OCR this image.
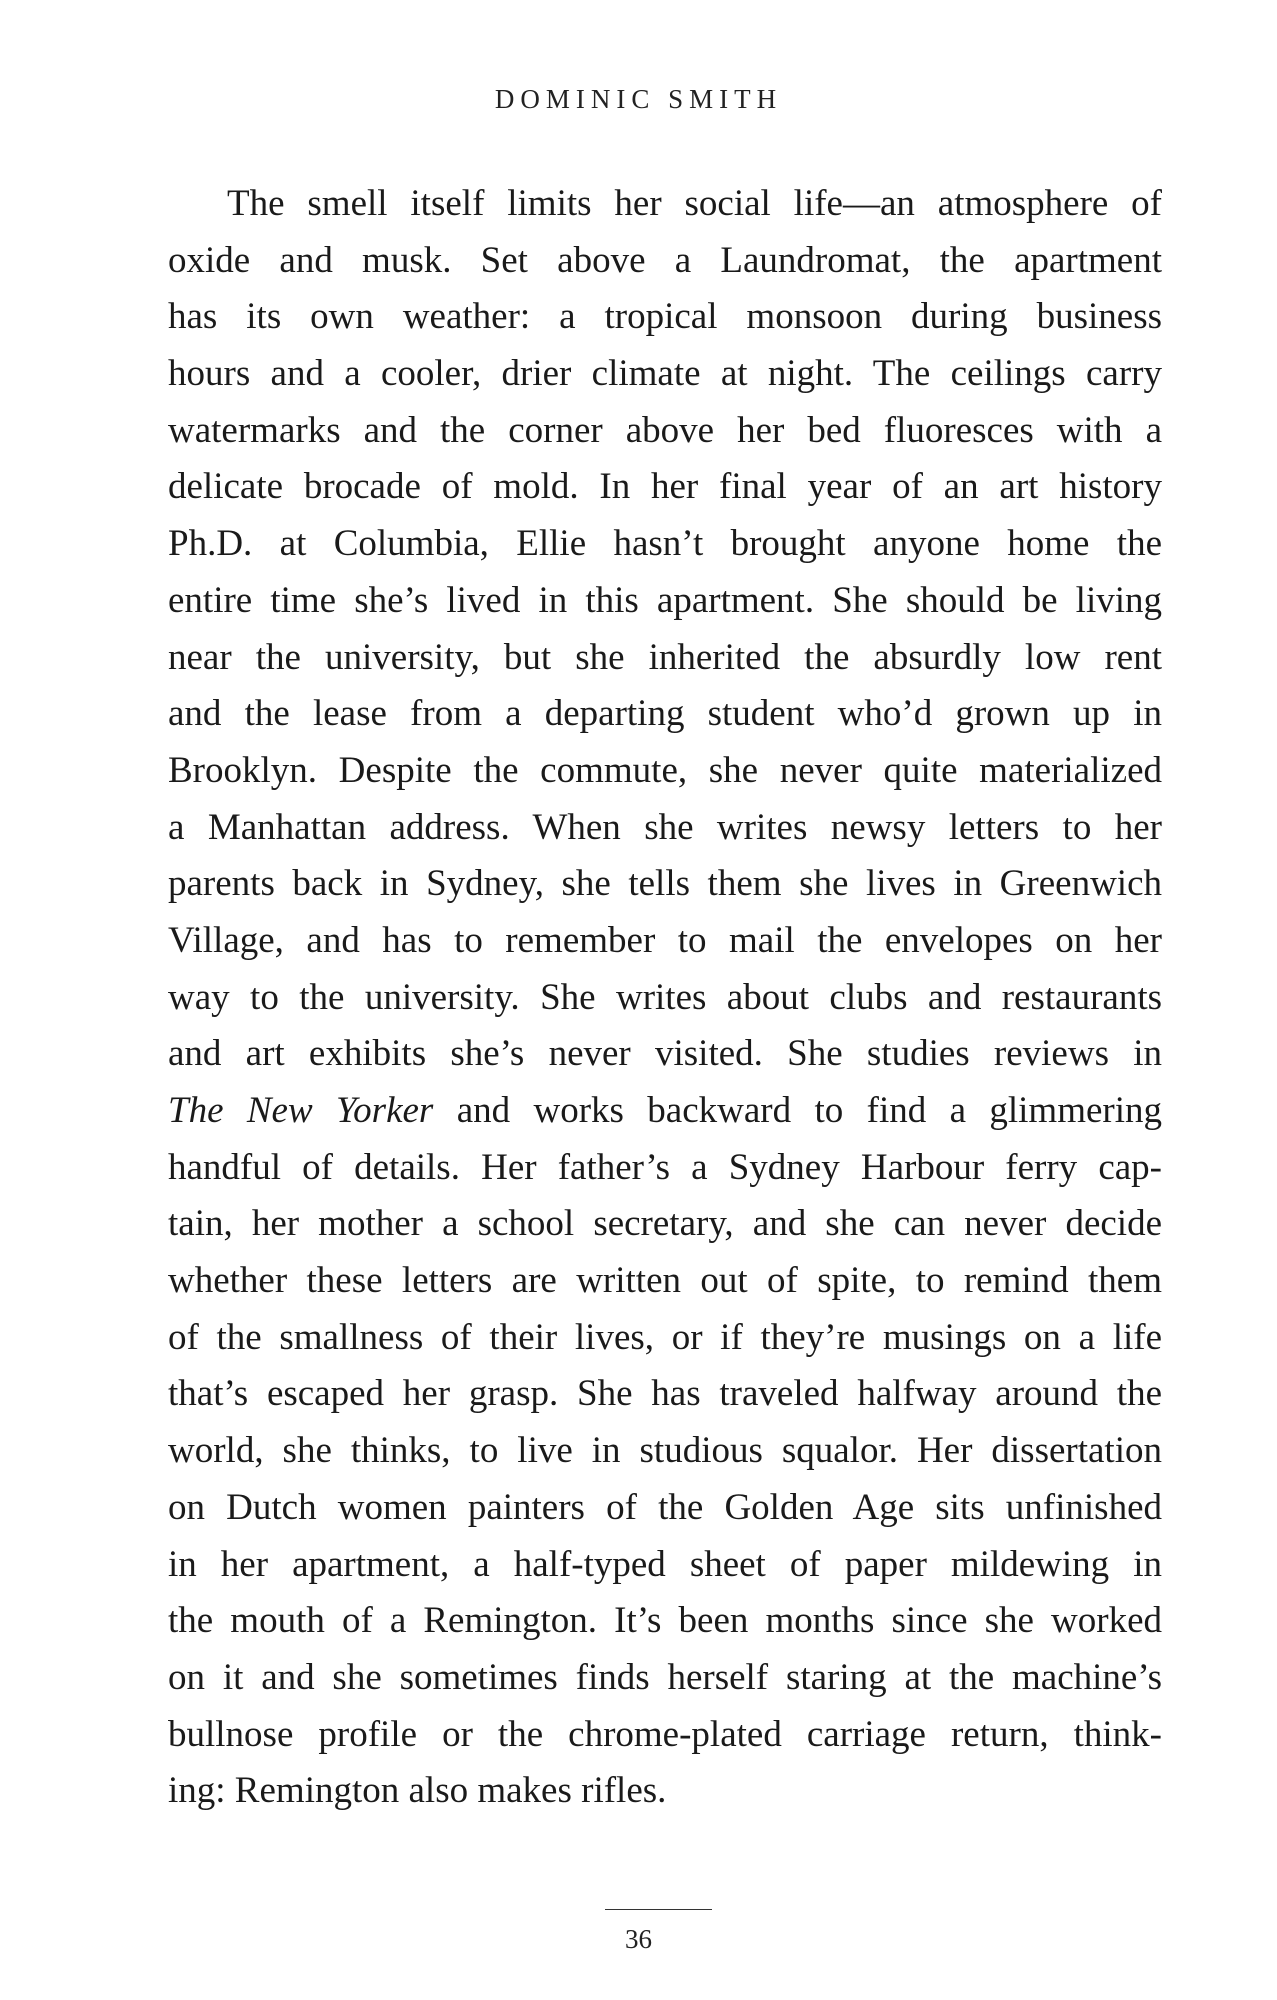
DOMINIC SMITH
The smell itself limits her social life—an atmosphere of
oxide and musk. Set above a Laundromat, the apartment
has its own weather: a tropical monsoon during business
hours and a cooler, drier climate at night. The ceilings carry
watermarks and the corner above her bed fluoresces with a
delicate brocade of mold. In her final year of an art history
Ph.D. at Columbia, Ellie hasn’t brought anyone home the
entire time she’s lived in this apartment. She should be living
near the university, but she inherited the absurdly low rent
and the lease from a departing student who’d grown up in
Brooklyn. Despite the commute, she never quite materialized
a Manhattan address. When she writes newsy letters to her
parents back in Sydney, she tells them she lives in Greenwich
Village, and has to remember to mail the envelopes on her
way to the university. She writes about clubs and restaurants
and art exhibits she’s never visited. She studies reviews in
The New Yorker and works backward to find a glimmering
handful of details. Her father’s a Sydney Harbour ferry cap-
tain, her mother a school secretary, and she can never decide
whether these letters are written out of spite, to remind them
of the smallness of their lives, or if they’re musings on a life
that’s escaped her grasp. She has traveled halfway around the
world, she thinks, to live in studious squalor. Her dissertation
on Dutch women painters of the Golden Age sits unfinished
in her apartment, a half-typed sheet of paper mildewing in
the mouth of a Remington. It’s been months since she worked
on it and she sometimes finds herself staring at the machine’s
bullnose profile or the chrome-plated carriage return, think-
ing: Remington also makes rifles.
36
